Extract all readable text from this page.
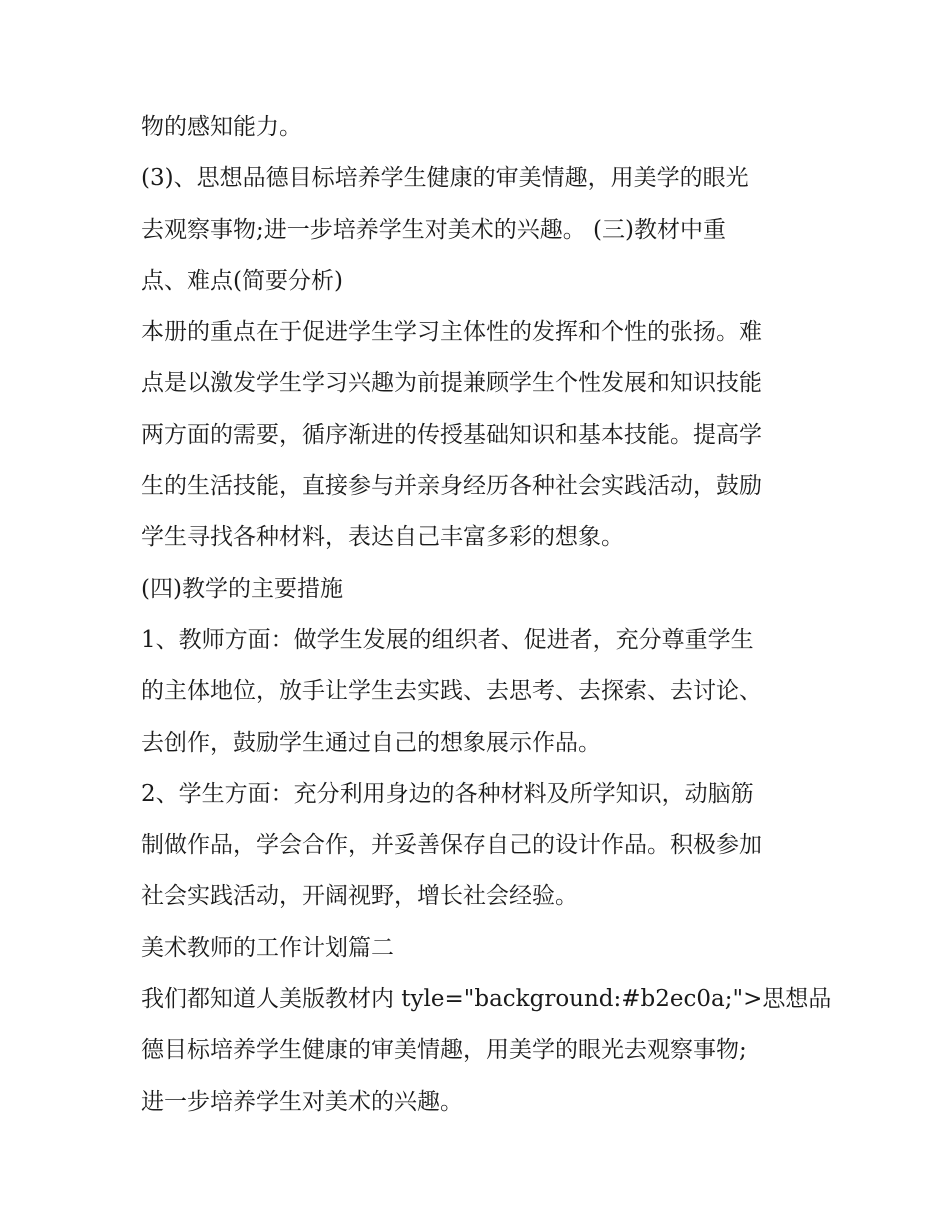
物的感知能力。
(3)、思想品德目标培养学生健康的审美情趣，用美学的眼光
去观察事物;进一步培养学生对美术的兴趣。 (三)教材中重
点、难点(简要分析)
本册的重点在于促进学生学习主体性的发挥和个性的张扬。难
点是以激发学生学习兴趣为前提兼顾学生个性发展和知识技能
两方面的需要，循序渐进的传授基础知识和基本技能。提高学
生的生活技能，直接参与并亲身经历各种社会实践活动，鼓励
学生寻找各种材料，表达自己丰富多彩的想象。
(四)教学的主要措施
1、教师方面：做学生发展的组织者、促进者，充分尊重学生
的主体地位，放手让学生去实践、去思考、去探索、去讨论、
去创作，鼓励学生通过自己的想象展示作品。
2、学生方面：充分利用身边的各种材料及所学知识，动脑筋
制做作品，学会合作，并妥善保存自己的设计作品。积极参加
社会实践活动，开阔视野，增长社会经验。
美术教师的工作计划篇二
我们都知道人美版教材内 tyle="background:#b2ec0a;">思想品
德目标培养学生健康的审美情趣，用美学的眼光去观察事物;
进一步培养学生对美术的兴趣。
